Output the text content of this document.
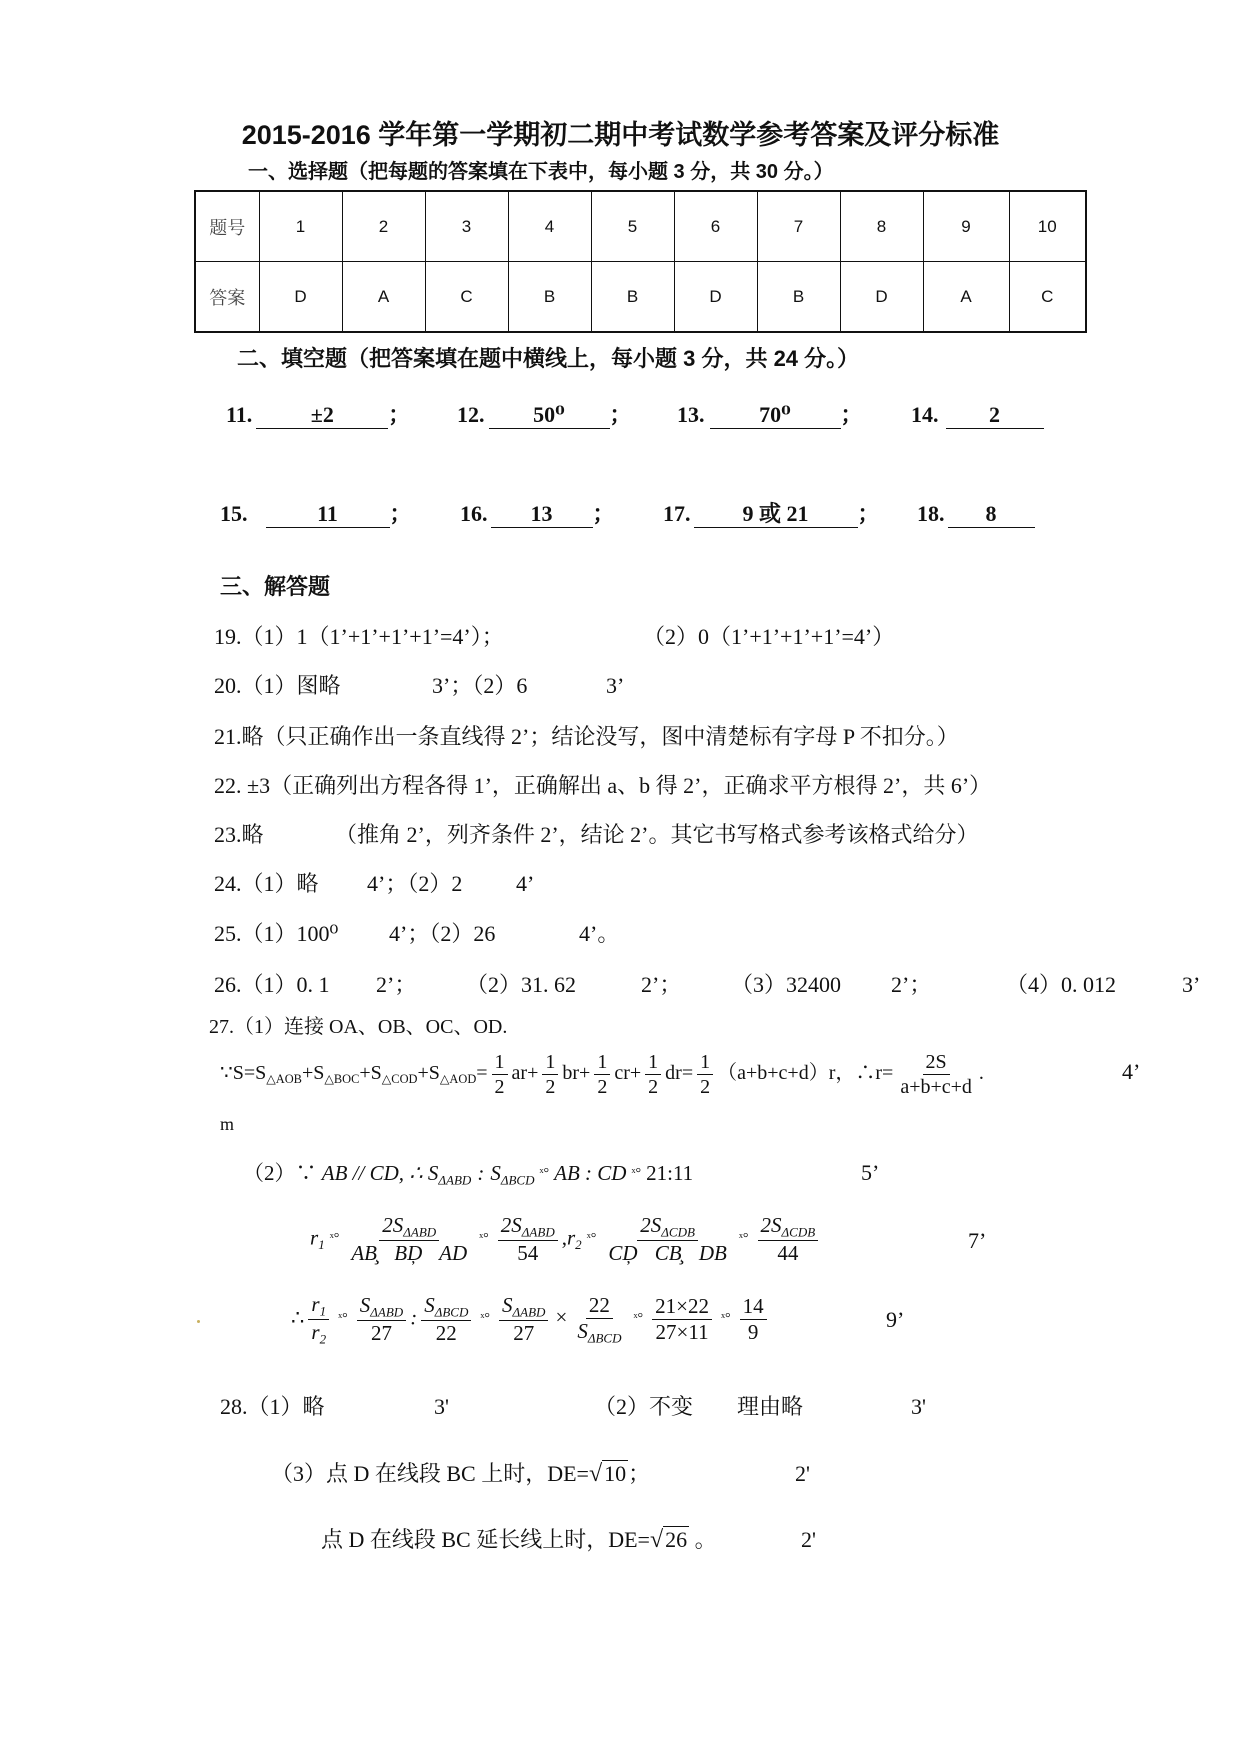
2015-2016 学年第一学期初二期中考试数学参考答案及评分标准
一、选择题（把每题的答案填在下表中，每小题 3 分，共 30 分。）
题号	1	2	3	4	5	6	7	8	9	10
答案	D	A	C	B	B	D	B	D	A	C
二、填空题（把答案填在题中横线上，每小题 3 分，共 24 分。）
11.	±2 ； 12. 50⁰ ； 13. 70⁰ ； 14. 2
15.	11 ； 16. 13 ； 17. 9 或 21 ； 18. 8
三、解答题
19.（1）1（1’+1’+1’+1’=4’）；	（2）0（1’+1’+1’+1’=4’）
20.（1）图略	3’；（2）6	3’
21.略（只正确作出一条直线得 2’；结论没写，图中清楚标有字母 P 不扣分。）
22. ±3（正确列出方程各得 1’，正确解出 a、b 得 2’，正确求平方根得 2’，共 6’）
23.略	（推角 2’，列齐条件 2’，结论 2’。其它书写格式参考该格式给分）
24.（1）略 4’；（2）2 4’
25.（1）100⁰ 4’；（2）26	4’。
26.（1）0. 1 2’； （2）31. 62	2’； （3）32400 2’；	（4）0. 012	3’
27.（1）连接 OA、OB、OC、OD.
∵S=S△AOB+S△BOC+S△COD+S△AOD= $\frac{1}{2} ar+ \frac{1}{2} br+ \frac{1}{2} cr+ \frac{1}{2} dr= \frac{1}{2} (a+b+c+d)r$，∴r= $\frac{2S}{a+b+c+d}$ .	4’
m
（2）∵ AB // CD, ∴ $S_{\Delta ABD}$ : $S_{\Delta BCD}$ ˣ° AB : CD ˣ° 21:11	5’
$r_1$ ˣ° $\frac{2S_{\Delta ABD}}{\text{AB̧ BḐ AD}}$ ˣ° $\frac{2S_{\Delta ABD}}{54} ,r_2$ ˣ° $\frac{2S_{\Delta CDB}}{\text{CḐ CB̧ DB}}$ ˣ° $\frac{2S_{\Delta CDB}}{44}$	7’
∴ $\frac{r_1}{r_2}$ ˣ° $\frac{S_{\Delta ABD}}{27}$ : $\frac{S_{\Delta BCD}}{22}$ ˣ° $\frac{S_{\Delta ABD}}{27} \times \frac{22}{S_{\Delta BCD}}$ ˣ° $\frac{21\times 22}{27\times 11}$ ˣ° $\frac{14}{9}$	9’
28.（1）略	3'	（2）不变 理由略	3'
（3）点 D 在线段 BC 上时，DE=√10；	2'
点 D 在线段 BC 延长线上时，DE=√26 。	2'
